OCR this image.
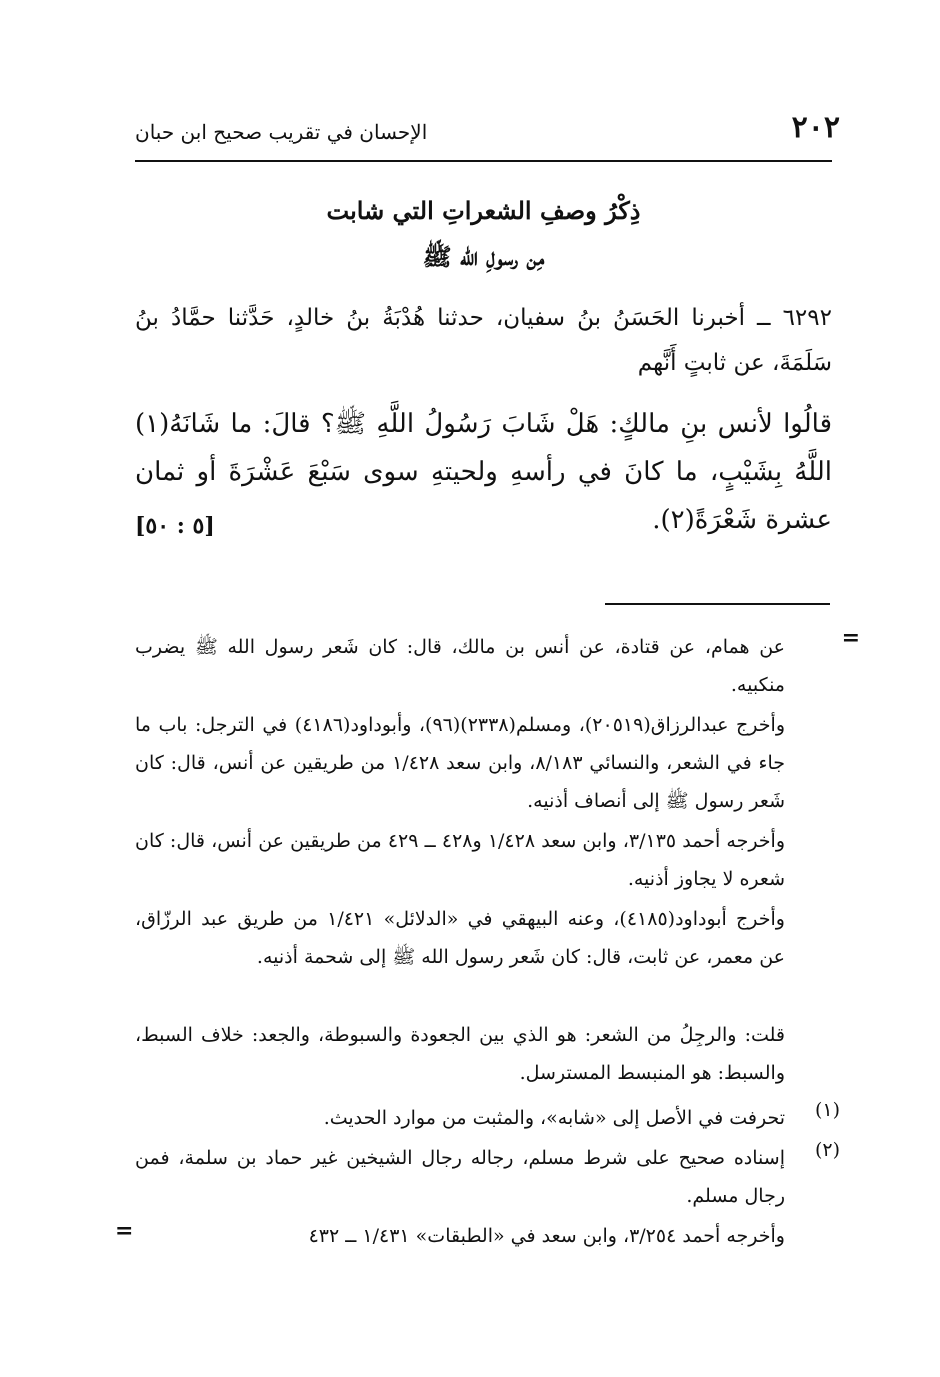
٢٠٢
الإحسان في تقريب صحيح ابن حبان
ذِكْرُ وصفِ الشعراتِ التي شابت
مِن رسولِ الله ﷺ
٦٢٩٢ ــ أخبرنا الحَسَنُ بنُ سفيان، حدثنا هُدْبَةُ بنُ خالدٍ، حَدَّثنا حمَّادُ بنُ سَلَمَةَ، عن ثابتٍ أَنَّهم
قالُوا لأنس بنِ مالكٍ: هَلْ شَابَ رَسُولُ اللَّهِ ﷺ؟ قالَ: ما شَانَهُ(١) اللَّهُ بِشَيْبٍ، ما كانَ في رأسهِ ولحيتهِ سوى سَبْعَ عَشْرَةَ أو ثمان عشرة شَعْرَةً(٢).
[٥ : ٥٠]
=
عن همام، عن قتادة، عن أنس بن مالك، قال: كان شَعر رسول الله ﷺ يضرب منكبيه.
وأخرج عبدالرزاق(٢٠٥١٩)، ومسلم(٢٣٣٨)(٩٦)، وأبوداود(٤١٨٦) في الترجل: باب ما جاء في الشعر، والنسائي ٨/١٨٣، وابن سعد ١/٤٢٨ من طريقين عن أنس، قال: كان شَعر رسول ﷺ إلى أنصاف أذنيه.
وأخرجه أحمد ٣/١٣٥، وابن سعد ١/٤٢٨ و٤٢٨ ــ ٤٢٩ من طريقين عن أنس، قال: كان شعره لا يجاوز أذنيه.
وأخرج أبوداود(٤١٨٥)، وعنه البيهقي في «الدلائل» ١/٤٢١ من طريق عبد الرزّاق، عن معمر، عن ثابت، قال: كان شَعر رسول الله ﷺ إلى شحمة أذنيه.
قلت: والرجِلُ من الشعر: هو الذي بين الجعودة والسبوطة، والجعد: خلاف السبط، والسبط: هو المنبسط المسترسل.
(١)
تحرفت في الأصل إلى «شابه»، والمثبت من موارد الحديث.
(٢)
إسناده صحيح على شرط مسلم، رجاله رجال الشيخين غير حماد بن سلمة، فمن رجال مسلم.
وأخرجه أحمد ٣/٢٥٤، وابن سعد في «الطبقات» ١/٤٣١ ــ ٤٣٢
=
